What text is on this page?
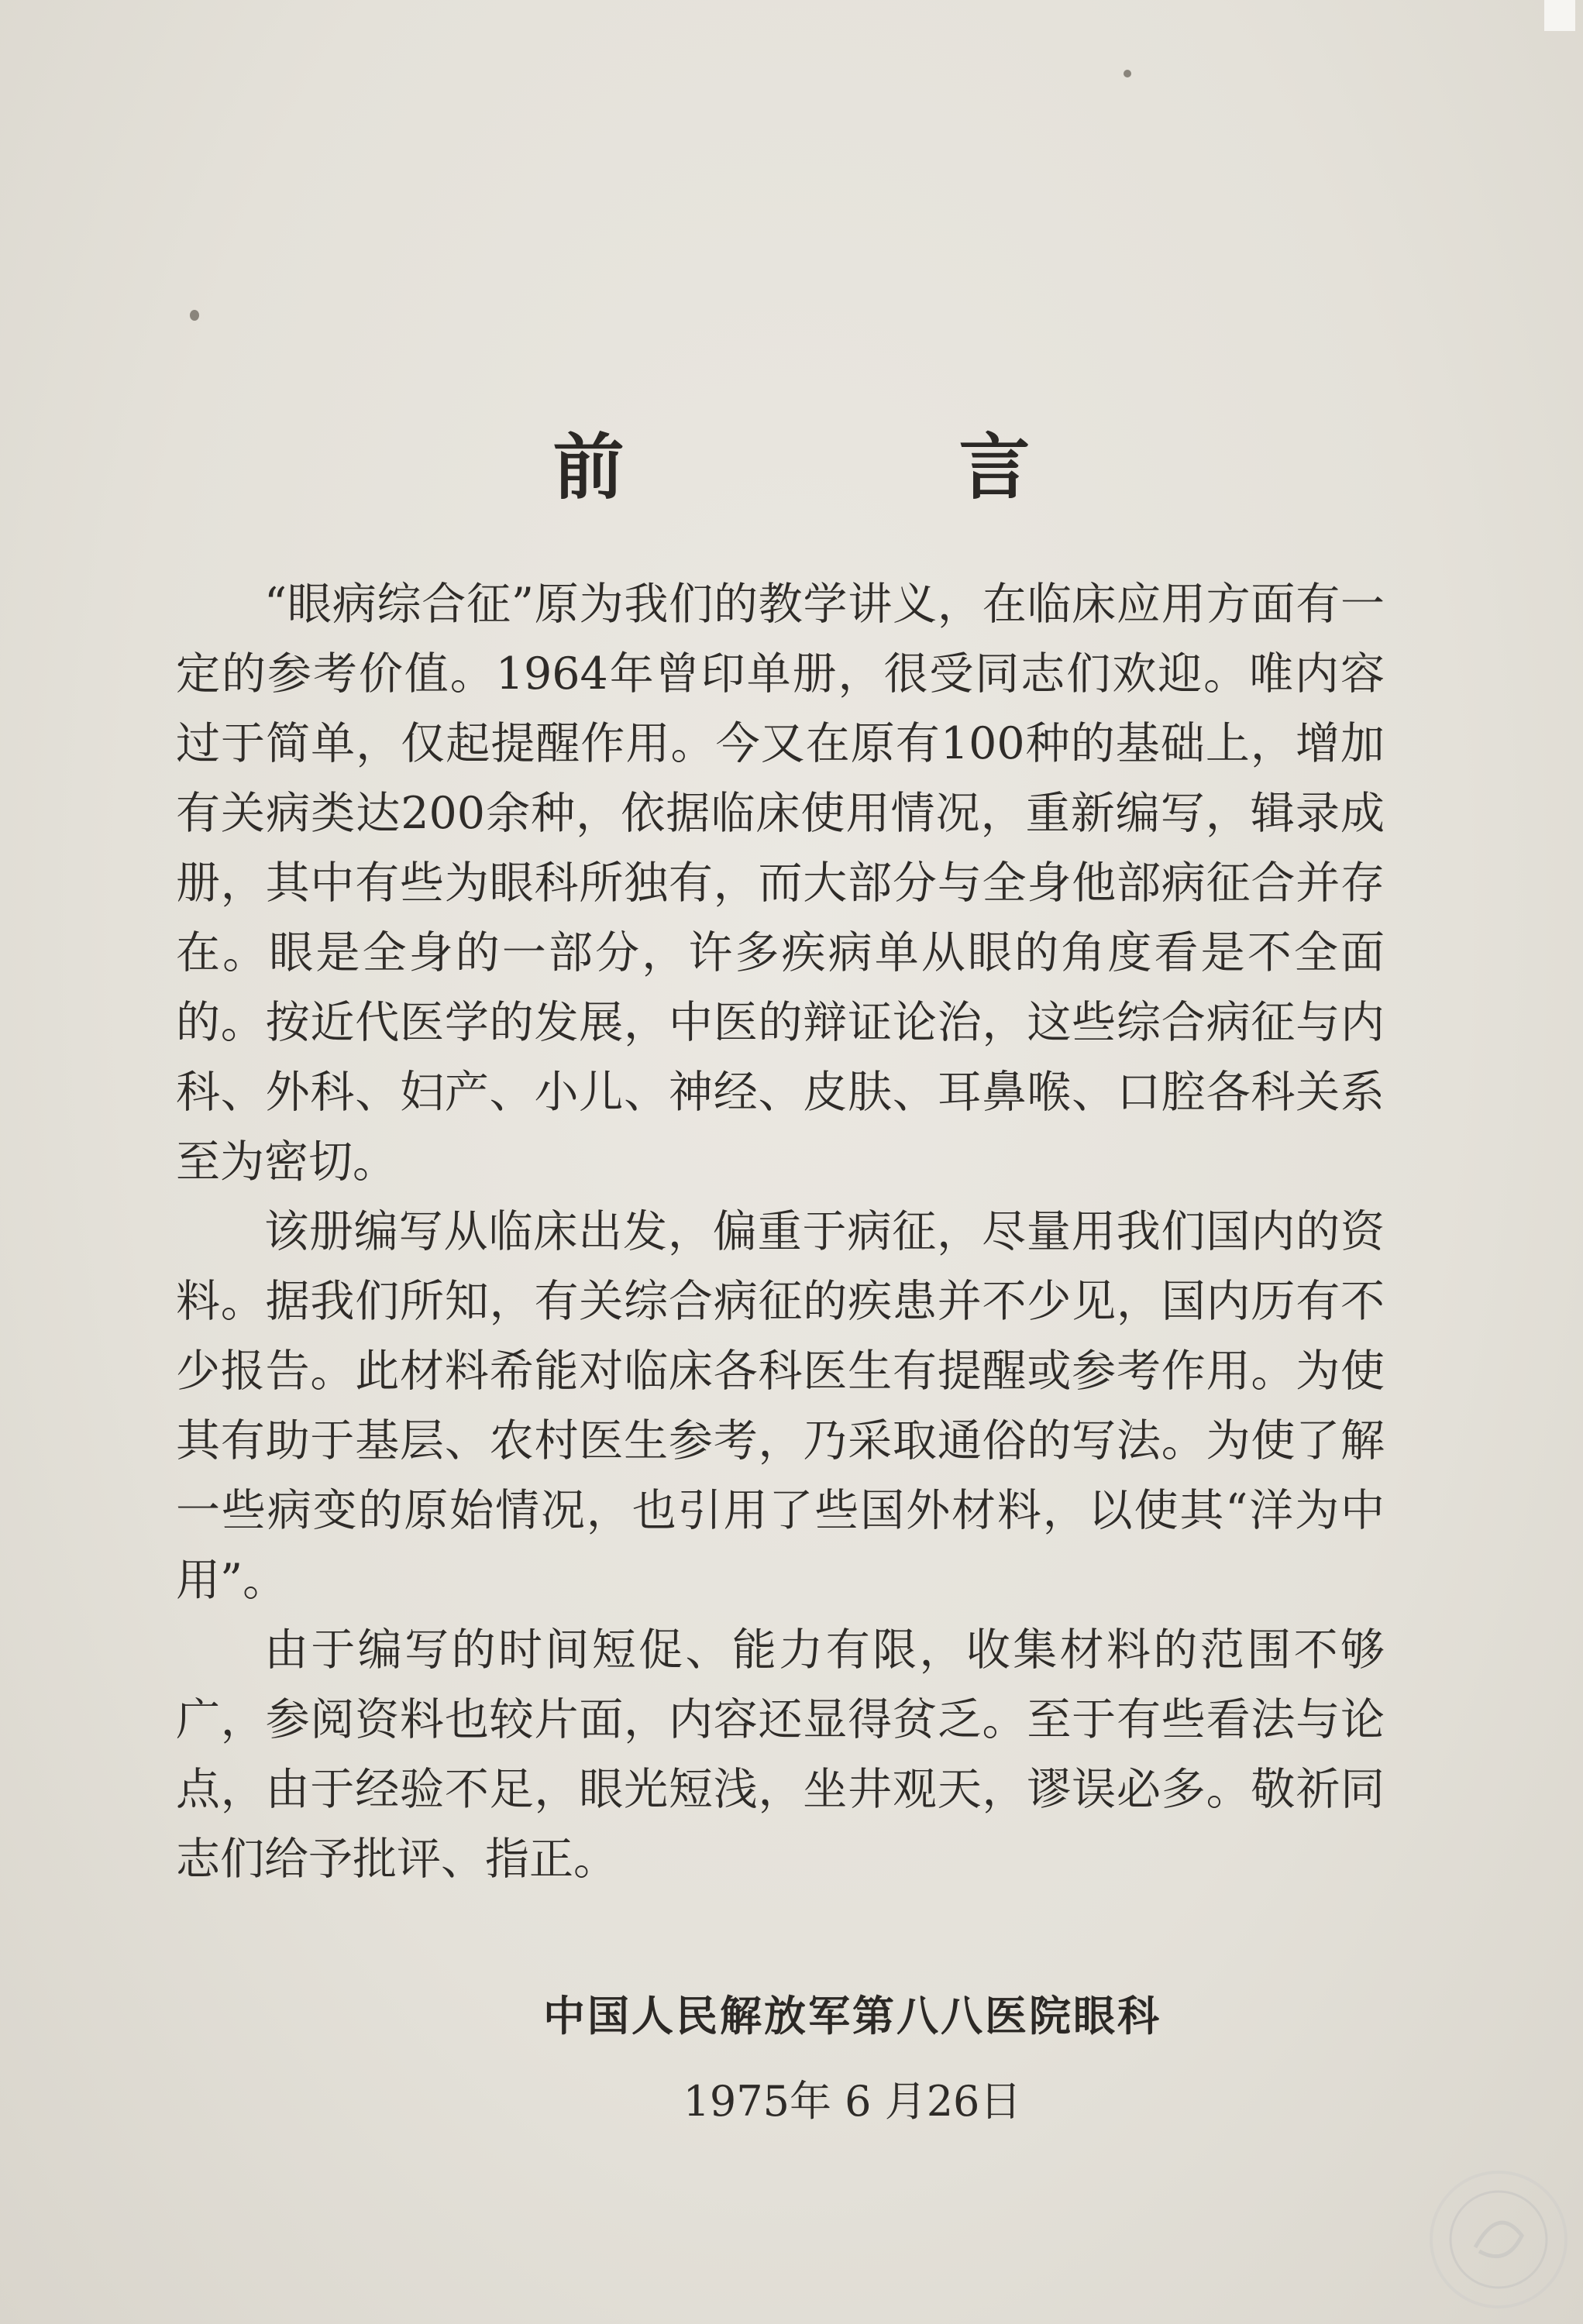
前 言

“眼病综合征”原为我们的教学讲义，在临床应用方面有一定的参考价值。1964年曾印单册，很受同志们欢迎。唯内容过于简单，仅起提醒作用。今又在原有100种的基础上，增加有关病类达200余种，依据临床使用情况，重新编写，辑录成册，其中有些为眼科所独有，而大部分与全身他部病征合并存在。眼是全身的一部分，许多疾病单从眼的角度看是不全面的。按近代医学的发展，中医的辩证论治，这些综合病征与内科、外科、妇产、小儿、神经、皮肤、耳鼻喉、口腔各科关系至为密切。

该册编写从临床出发，偏重于病征，尽量用我们国内的资料。据我们所知，有关综合病征的疾患并不少见，国内历有不少报告。此材料希能对临床各科医生有提醒或参考作用。为使其有助于基层、农村医生参考，乃采取通俗的写法。为使了解一些病变的原始情况，也引用了些国外材料，以使其“洋为中用”。

由于编写的时间短促、能力有限，收集材料的范围不够广，参阅资料也较片面，内容还显得贫乏。至于有些看法与论点，由于经验不足，眼光短浅，坐井观天，谬误必多。敬祈同志们给予批评、指正。

中国人民解放军第八八医院眼科
1975年 6 月26日
